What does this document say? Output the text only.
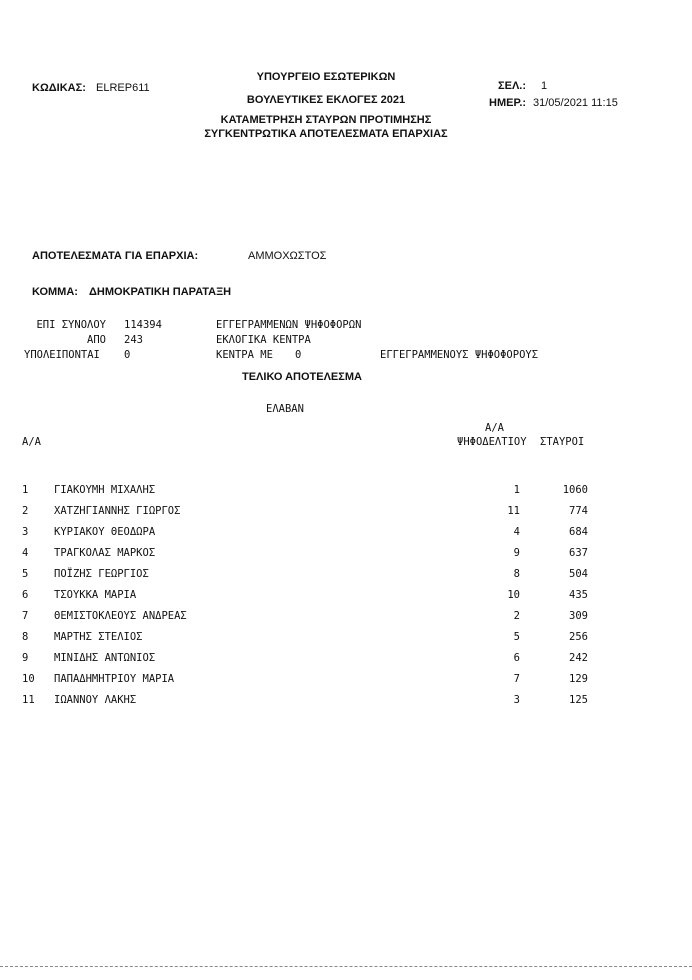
ΚΩΔΙΚΑΣ: ELREP611
ΥΠΟΥΡΓΕΙΟ ΕΣΩΤΕΡΙΚΩΝ
ΒΟΥΛΕΥΤΙΚΕΣ ΕΚΛΟΓΕΣ 2021
ΚΑΤΑΜΕΤΡΗΣΗ ΣΤΑΥΡΩΝ ΠΡΟΤΙΜΗΣΗΣ
ΣΥΓΚΕΝΤΡΩΤΙΚΑ ΑΠΟΤΕΛΕΣΜΑΤΑ ΕΠΑΡΧΙΑΣ
ΣΕΛ.: 1
ΗΜΕΡ.: 31/05/2021 11:15
ΑΠΟΤΕΛΕΣΜΑΤΑ ΓΙΑ ΕΠΑΡΧΙΑ:	ΑΜΜΟΧΩΣΤΟΣ
ΚΟΜΜΑ: ΔΗΜΟΚΡΑΤΙΚΗ ΠΑΡΑΤΑΞΗ
ΕΠΙ ΣΥΝΟΛΟΥ 114394	ΕΓΓΕΓΡΑΜΜΕΝΩΝ ΨΗΦΟΦΟΡΩΝ
ΑΠΟ 243	ΕΚΛΟΓΙΚΑ ΚΕΝΤΡΑ
ΥΠΟΛΕΙΠΟΝΤΑΙ 0	ΚΕΝΤΡΑ ΜΕ 0	ΕΓΓΕΓΡΑΜΜΕΝΟΥΣ ΨΗΦΟΦΟΡΟΥΣ
ΤΕΛΙΚΟ ΑΠΟΤΕΛΕΣΜΑ
ΕΛΑΒΑΝ
Α/Α
Α/Α
ΨΗΦΟΔΕΛΤΙΟΥ ΣΤΑΥΡΟΙ
1 ΓΙΑΚΟΥΜΗ ΜΙΧΑΛΗΣ	1	1060
2 ΧΑΤΖΗΓΙΑΝΝΗΣ ΓΙΩΡΓΟΣ	11	774
3 ΚΥΡΙΑΚΟΥ ΘΕΟΔΩΡΑ	4	684
4 ΤΡΑΓΚΟΛΑΣ ΜΑΡΚΟΣ	9	637
5 ΠΟΪΖΗΣ ΓΕΩΡΓΙΟΣ	8	504
6 ΤΣΟΥΚΚΑ ΜΑΡΙΑ	10	435
7 ΘΕΜΙΣΤΟΚΛΕΟΥΣ ΑΝΔΡΕΑΣ	2	309
8 ΜΑΡΤΗΣ ΣΤΕΛΙΟΣ	5	256
9 ΜΙΝΙΔΗΣ ΑΝΤΩΝΙΟΣ	6	242
10 ΠΑΠΑΔΗΜΗΤΡΙΟΥ ΜΑΡΙΑ	7	129
11 ΙΩΑΝΝΟΥ ΛΑΚΗΣ	3	125
